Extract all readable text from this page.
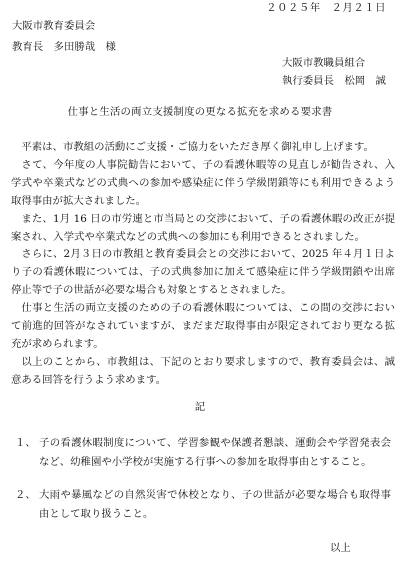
２０２５年　２月２１日
大阪市教育委員会
教育長　多田勝哉　様
大阪市教職員組合
執行委員長　松岡　誠
仕事と生活の両立支援制度の更なる拡充を求める要求書

平素は、市教組の活動にご支援・ご協力をいただき厚く御礼申し上げます。

さて、今年度の人事院勧告において、子の看護休暇等の見直しが勧告され、入学式や卒業式などの式典への参加や感染症に伴う学級閉鎖等にも利用できるよう取得事由が拡大されました。

また、1月 16 日の市労連と市当局との交渉において、子の看護休暇の改正が提案され、入学式や卒業式などの式典への参加にも利用できるとされました。

さらに、2月３日の市教組と教育委員会との交渉において、2025 年４月１日より子の看護休暇については、子の式典参加に加えて感染症に伴う学級閉鎖や出席停止等で子の世話が必要な場合も対象とするとされました。

仕事と生活の両立支援のための子の看護休暇については、この間の交渉において前進的回答がなされていますが、まだまだ取得事由が限定されており更なる拡充が求められます。

以上のことから、市教組は、下記のとおり要求しますので、教育委員会は、誠意ある回答を行うよう求めます。

記
１、 子の看護休暇制度について、学習参観や保護者懇談、運動会や学習発表会など、幼稚園や小学校が実施する行事への参加を取得事由とすること。
２、 大雨や暴風などの自然災害で休校となり、子の世話が必要な場合も取得事由として取り扱うこと。
以上
